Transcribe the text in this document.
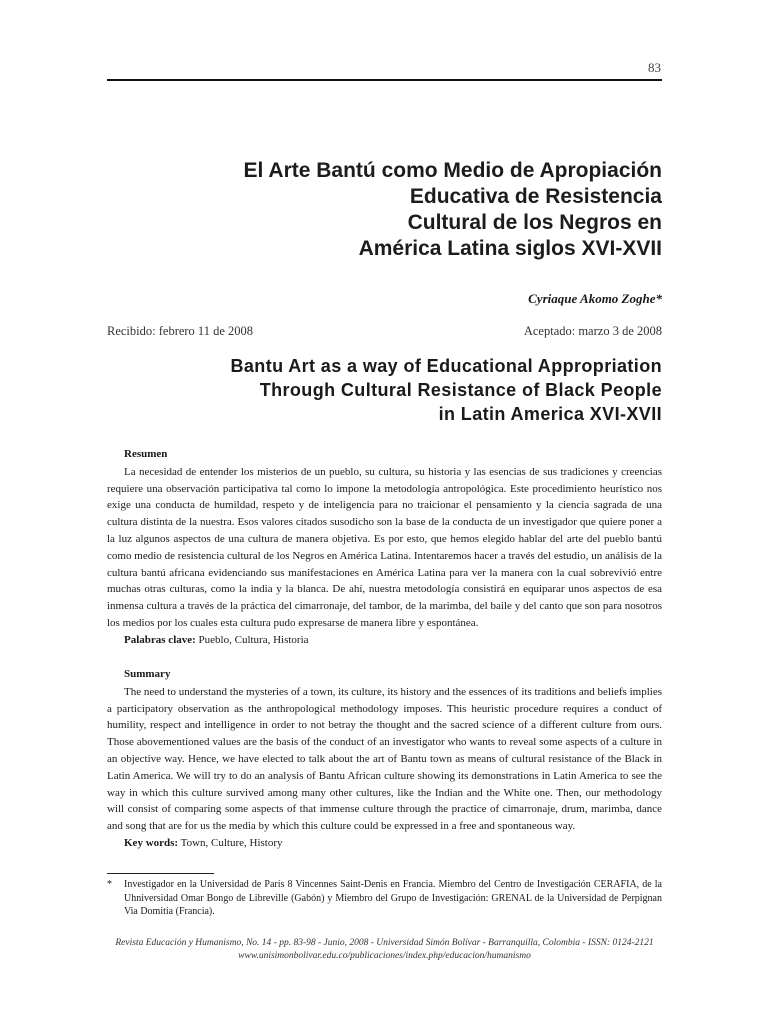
83
El Arte Bantú como Medio de Apropiación
Educativa de Resistencia
Cultural de los Negros en
América Latina siglos XVI-XVII
Cyriaque Akomo Zoghe*
Recibido: febrero 11 de 2008	Aceptado: marzo 3 de 2008
Bantu Art as a way of Educational Appropriation
Through Cultural Resistance of Black People
in Latin America XVI-XVII
Resumen

La necesidad de entender los misterios de un pueblo, su cultura, su historia y las esencias de sus tradiciones y creencias requiere una observación participativa tal como lo impone la metodología antropológica. Este procedimiento heurístico nos exige una conducta de humildad, respeto y de inteligencia para no traicionar el pensamiento y la ciencia sagrada de una cultura distinta de la nuestra. Esos valores citados susodicho son la base de la conducta de un investigador que quiere poner a la luz algunos aspectos de una cultura de manera objetiva. Es por esto, que hemos elegido hablar del arte del pueblo bantú como medio de resistencia cultural de los Negros en América Latina. Intentaremos hacer a través del estudio, un análisis de la cultura bantú africana evidenciando sus manifestaciones en América Latina para ver la manera con la cual sobrevivió entre muchas otras culturas, como la india y la blanca. De ahí, nuestra metodología consistirá en equiparar unos aspectos de esa inmensa cultura a través de la práctica del cimarronaje, del tambor, de la marimba, del baile y del canto que son para nosotros los medios por los cuales esta cultura pudo expresarse de manera libre y espontánea.

Palabras clave: Pueblo, Cultura, Historia
Summary

The need to understand the mysteries of a town, its culture, its history and the essences of its traditions and beliefs implies a participatory observation as the anthropological methodology imposes. This heuristic procedure requires a conduct of humility, respect and intelligence in order to not betray the thought and the sacred science of a different culture from ours. Those abovementioned values are the basis of the conduct of an investigator who wants to reveal some aspects of a culture in an objective way. Hence, we have elected to talk about the art of Bantu town as means of cultural resistance of the Black in Latin America. We will try to do an analysis of Bantu African culture showing its demonstrations in Latin America to see the way in which this culture survived among many other cultures, like the Indian and the White one. Then, our methodology will consist of comparing some aspects of that immense culture through the practice of cimarronaje, drum, marimba, dance and song that are for us the media by which this culture could be expressed in a free and spontaneous way.

Key words: Town, Culture, History
* Investigador en la Universidad de París 8 Vincennes Saint-Denis en Francia. Miembro del Centro de Investigación CERAFIA, de la Uhniversidad Omar Bongo de Libreville (Gabón) y Miembro del Grupo de Investigación: GRENAL de la Universidad de Perpignan Via Domitia (Francia).
Revista Educación y Humanismo, No. 14 - pp. 83-98 - Junio, 2008 - Universidad Simón Bolívar - Barranquilla, Colombia - ISSN: 0124-2121
www.unisimonbolivar.edu.co/publicaciones/index.php/educacion/humanismo
